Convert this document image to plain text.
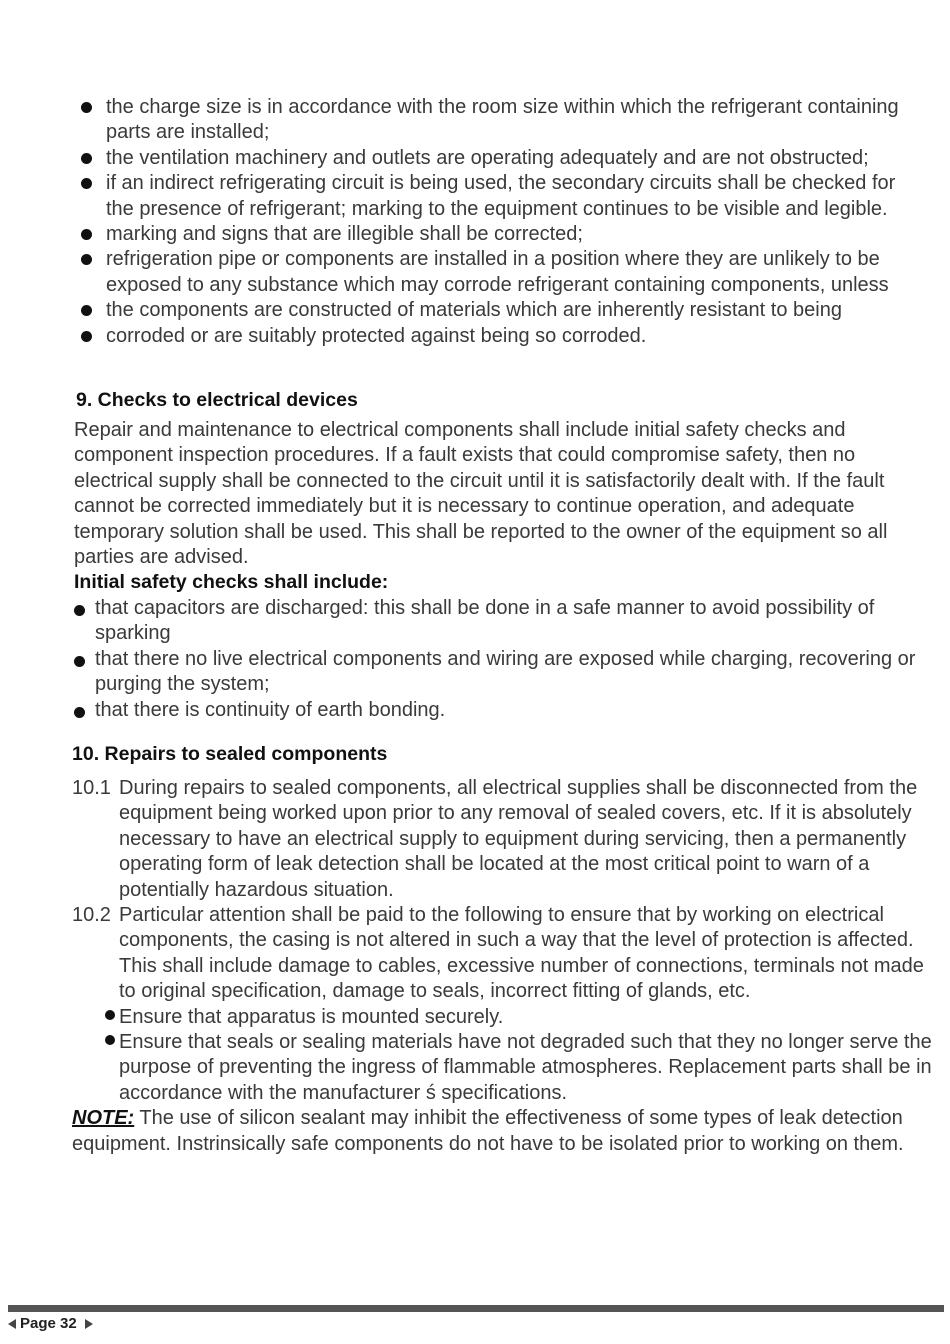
the charge size is in accordance with the room size within which the refrigerant containing parts are installed;
the ventilation machinery and outlets are operating adequately and are not obstructed;
if an indirect refrigerating circuit is being used, the secondary circuits shall be checked for the presence of refrigerant; marking to the equipment continues to be visible and legible.
marking and signs that are illegible shall be corrected;
refrigeration pipe or components are installed in a position where they are unlikely to be exposed to any substance which may corrode refrigerant containing components, unless
the components are constructed of materials which are inherently resistant to being
corroded or are suitably protected against being so corroded.
9. Checks to electrical devices
Repair and maintenance to electrical components shall include initial safety checks and component inspection procedures. If a fault exists that could compromise safety, then no electrical supply shall be connected to the circuit until it is satisfactorily dealt with. If the fault cannot be corrected immediately but it is necessary to continue operation, and adequate temporary solution shall be used. This shall be reported to the owner of the equipment so all parties are advised.
Initial safety checks shall include:
that capacitors are discharged: this shall be done in a safe manner to avoid possibility of sparking
that there no live electrical components and wiring are exposed while charging, recovering or purging the system;
that there is continuity of earth bonding.
10. Repairs to sealed components
10.1 During repairs to sealed components, all electrical supplies shall be disconnected from the equipment being worked upon prior to any removal of sealed covers, etc. If it is absolutely necessary to have an electrical supply to equipment during servicing, then a permanently operating form of leak detection shall be located at the most critical point to warn of a potentially hazardous situation.
10.2 Particular attention shall be paid to the following to ensure that by working on electrical components, the casing is not altered in such a way that the level of protection is affected. This shall include damage to cables, excessive number of connections, terminals not made to original specification, damage to seals, incorrect fitting of glands, etc.
Ensure that apparatus is mounted securely.
Ensure that seals or sealing materials have not degraded such that they no longer serve the purpose of preventing the ingress of flammable atmospheres. Replacement parts shall be in accordance with the manufacturer ś specifications.
NOTE: The use of silicon sealant may inhibit the effectiveness of some types of leak detection equipment. Instrinsically safe components do not have to be isolated prior to working on them.
Page 32
